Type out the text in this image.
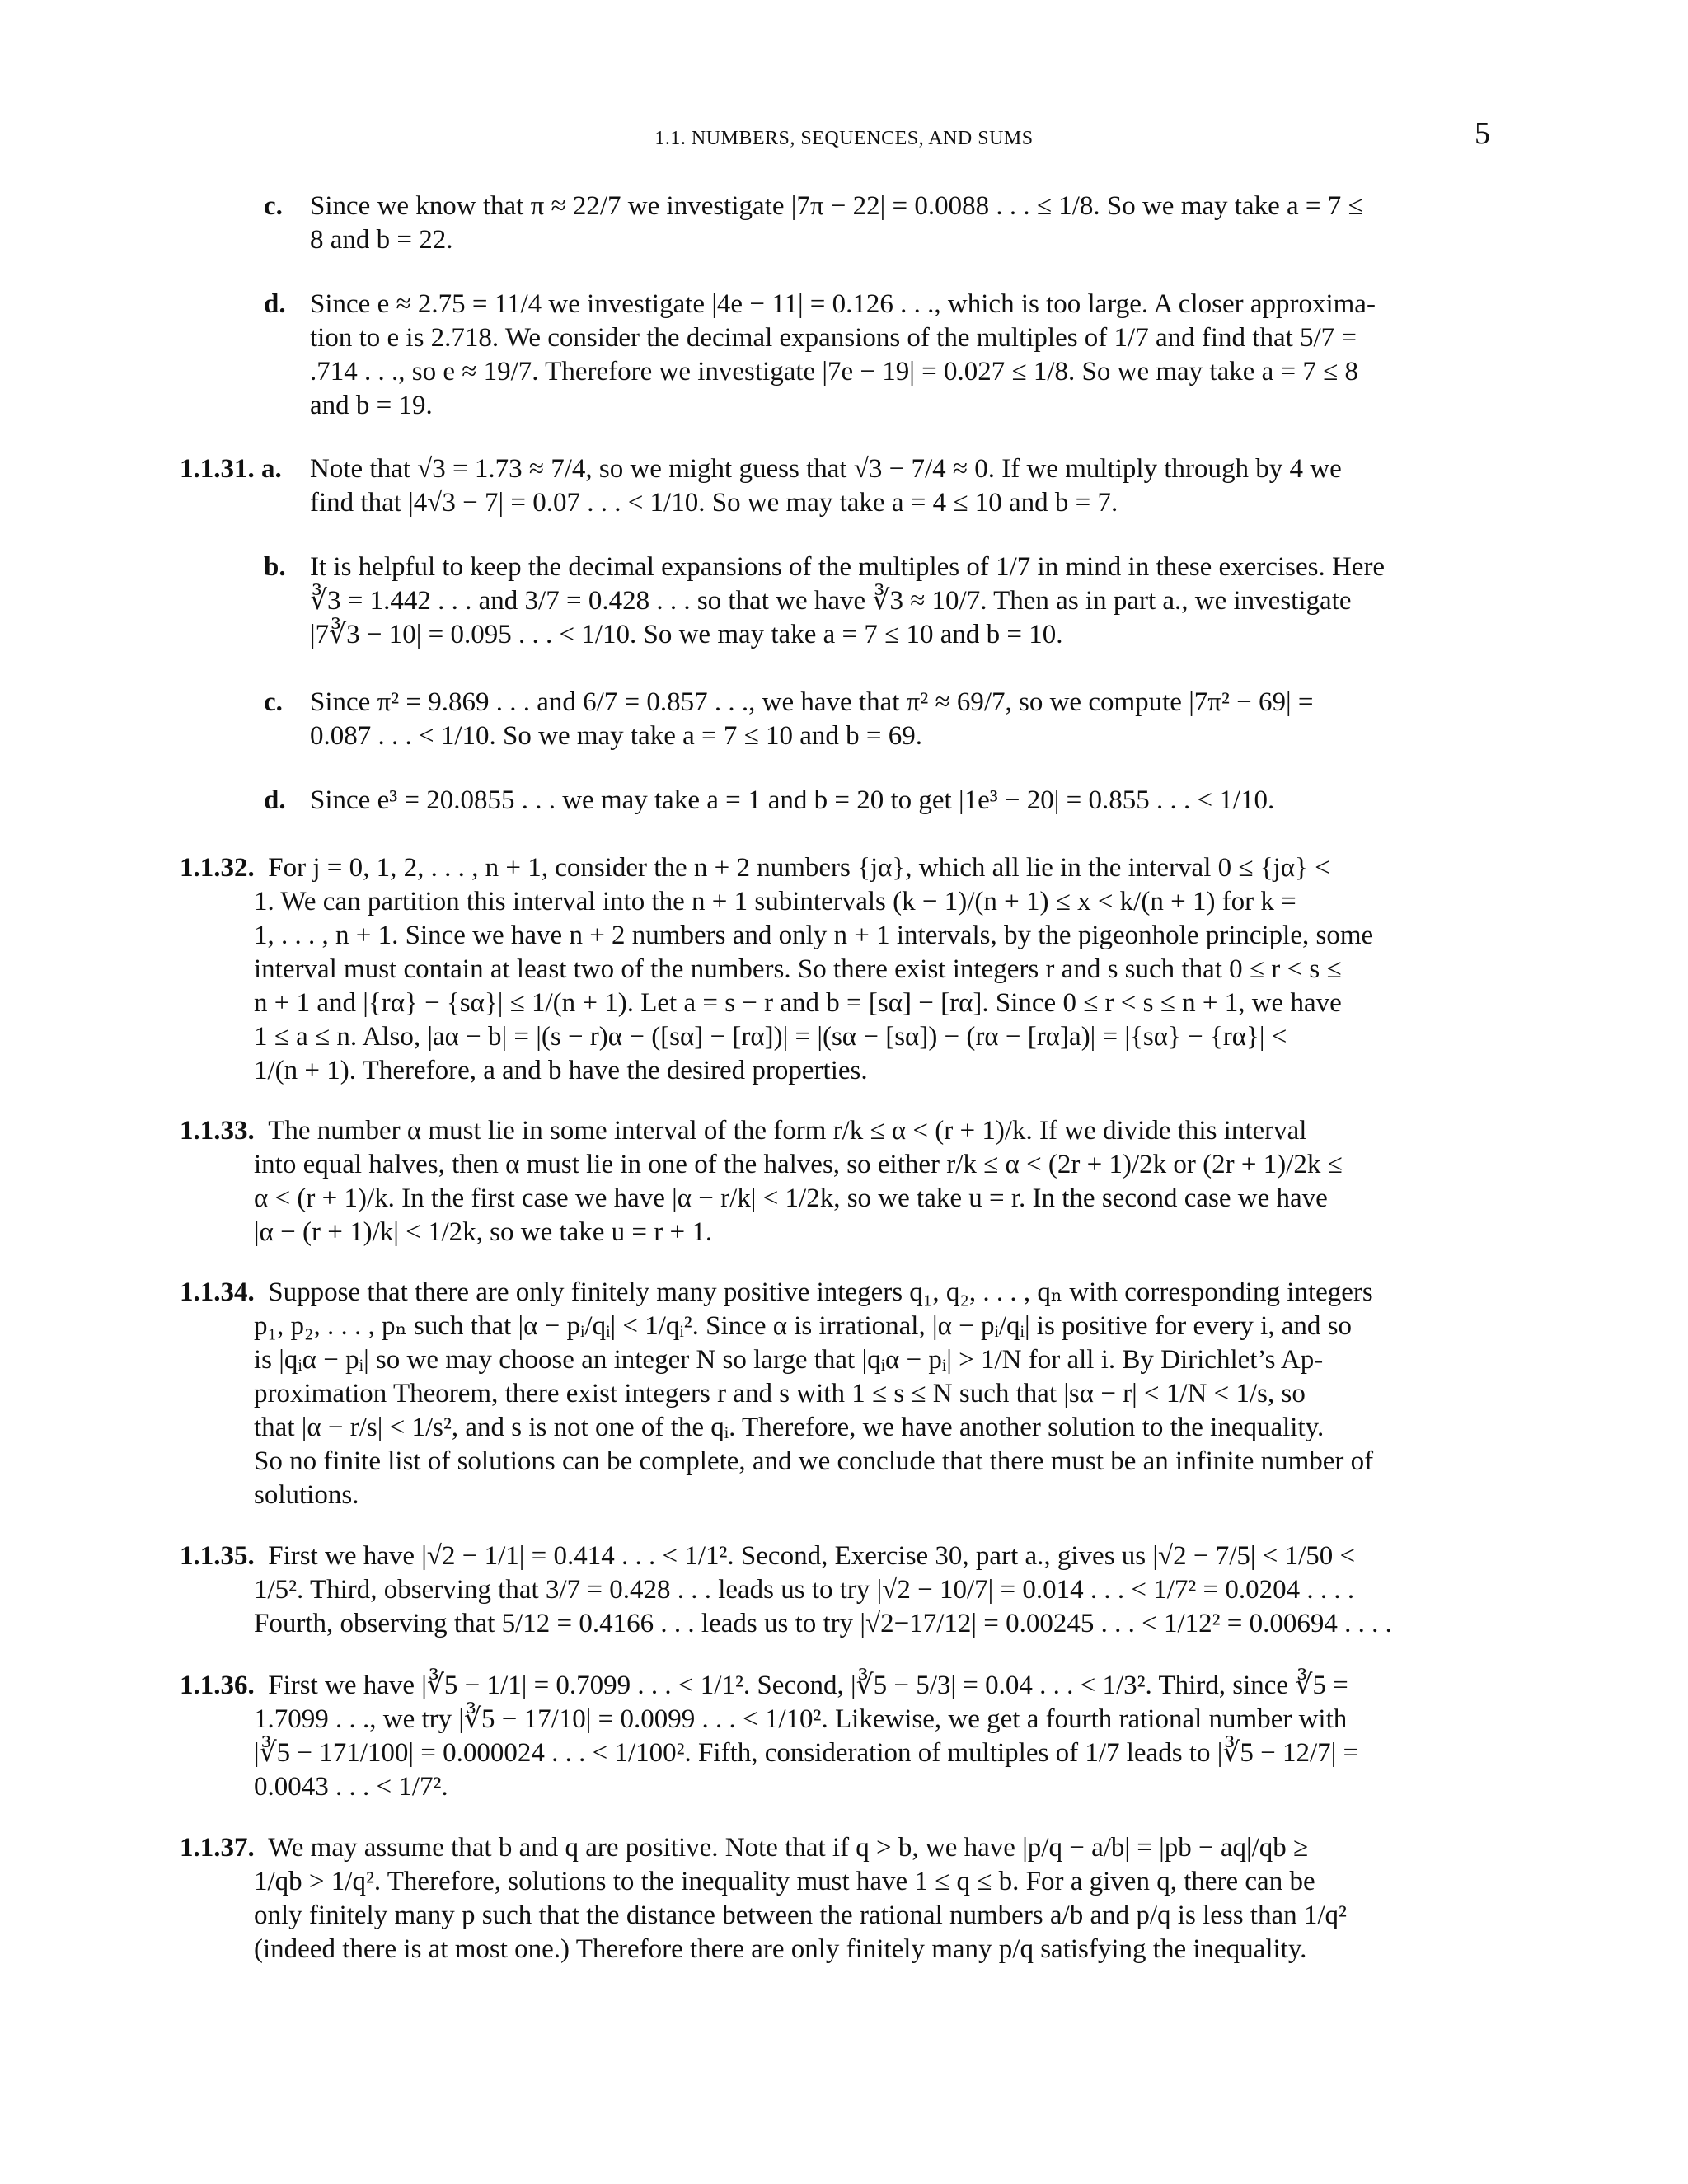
1.1. NUMBERS, SEQUENCES, AND SUMS	5
c. Since we know that π ≈ 22/7 we investigate |7π − 22| = 0.0088 . . . ≤ 1/8. So we may take a = 7 ≤
8 and b = 22.
d. Since e ≈ 2.75 = 11/4 we investigate |4e − 11| = 0.126 . . ., which is too large. A closer approxima-
tion to e is 2.718. We consider the decimal expansions of the multiples of 1/7 and find that 5/7 =
.714 . . ., so e ≈ 19/7. Therefore we investigate |7e − 19| = 0.027 ≤ 1/8. So we may take a = 7 ≤ 8
and b = 19.
1.1.31. a. Note that √3 = 1.73 ≈ 7/4, so we might guess that √3 − 7/4 ≈ 0. If we multiply through by 4 we
find that |4√3 − 7| = 0.07 . . . < 1/10. So we may take a = 4 ≤ 10 and b = 7.
b. It is helpful to keep the decimal expansions of the multiples of 1/7 in mind in these exercises. Here
∛3 = 1.442 . . . and 3/7 = 0.428 . . . so that we have ∛3 ≈ 10/7. Then as in part a., we investigate
|7∛3 − 10| = 0.095 . . . < 1/10. So we may take a = 7 ≤ 10 and b = 10.
c. Since π² = 9.869 . . . and 6/7 = 0.857 . . ., we have that π² ≈ 69/7, so we compute |7π² − 69| =
0.087 . . . < 1/10. So we may take a = 7 ≤ 10 and b = 69.
d. Since e³ = 20.0855 . . . we may take a = 1 and b = 20 to get |1e³ − 20| = 0.855 . . . < 1/10.
1.1.32. For j = 0, 1, 2, . . . , n + 1, consider the n + 2 numbers {jα}, which all lie in the interval 0 ≤ {jα} <
1. We can partition this interval into the n + 1 subintervals (k − 1)/(n + 1) ≤ x < k/(n + 1) for k =
1, . . . , n + 1. Since we have n + 2 numbers and only n + 1 intervals, by the pigeonhole principle, some
interval must contain at least two of the numbers. So there exist integers r and s such that 0 ≤ r < s ≤
n + 1 and |{rα} − {sα}| ≤ 1/(n + 1). Let a = s − r and b = [sα] − [rα]. Since 0 ≤ r < s ≤ n + 1, we have
1 ≤ a ≤ n. Also, |aα − b| = |(s − r)α − ([sα] − [rα])| = |(sα − [sα]) − (rα − [rα]a)| = |{sα} − {rα}| <
1/(n + 1). Therefore, a and b have the desired properties.
1.1.33. The number α must lie in some interval of the form r/k ≤ α < (r + 1)/k. If we divide this interval
into equal halves, then α must lie in one of the halves, so either r/k ≤ α < (2r + 1)/2k or (2r + 1)/2k ≤
α < (r + 1)/k. In the first case we have |α − r/k| < 1/2k, so we take u = r. In the second case we have
|α − (r + 1)/k| < 1/2k, so we take u = r + 1.
1.1.34. Suppose that there are only finitely many positive integers q₁, q₂, . . . , qₙ with corresponding integers
p₁, p₂, . . . , pₙ such that |α − pᵢ/qᵢ| < 1/qᵢ². Since α is irrational, |α − pᵢ/qᵢ| is positive for every i, and so
is |qᵢα − pᵢ| so we may choose an integer N so large that |qᵢα − pᵢ| > 1/N for all i. By Dirichlet’s Ap-
proximation Theorem, there exist integers r and s with 1 ≤ s ≤ N such that |sα − r| < 1/N < 1/s, so
that |α − r/s| < 1/s², and s is not one of the qᵢ. Therefore, we have another solution to the inequality.
So no finite list of solutions can be complete, and we conclude that there must be an infinite number of
solutions.
1.1.35. First we have |√2 − 1/1| = 0.414 . . . < 1/1². Second, Exercise 30, part a., gives us |√2 − 7/5| < 1/50 <
1/5². Third, observing that 3/7 = 0.428 . . . leads us to try |√2 − 10/7| = 0.014 . . . < 1/7² = 0.0204 . . . .
Fourth, observing that 5/12 = 0.4166 . . . leads us to try |√2−17/12| = 0.00245 . . . < 1/12² = 0.00694 . . . .
1.1.36. First we have |∛5 − 1/1| = 0.7099 . . . < 1/1². Second, |∛5 − 5/3| = 0.04 . . . < 1/3². Third, since ∛5 =
1.7099 . . ., we try |∛5 − 17/10| = 0.0099 . . . < 1/10². Likewise, we get a fourth rational number with
|∛5 − 171/100| = 0.000024 . . . < 1/100². Fifth, consideration of multiples of 1/7 leads to |∛5 − 12/7| =
0.0043 . . . < 1/7².
1.1.37. We may assume that b and q are positive. Note that if q > b, we have |p/q − a/b| = |pb − aq|/qb ≥
1/qb > 1/q². Therefore, solutions to the inequality must have 1 ≤ q ≤ b. For a given q, there can be
only finitely many p such that the distance between the rational numbers a/b and p/q is less than 1/q²
(indeed there is at most one.) Therefore there are only finitely many p/q satisfying the inequality.
